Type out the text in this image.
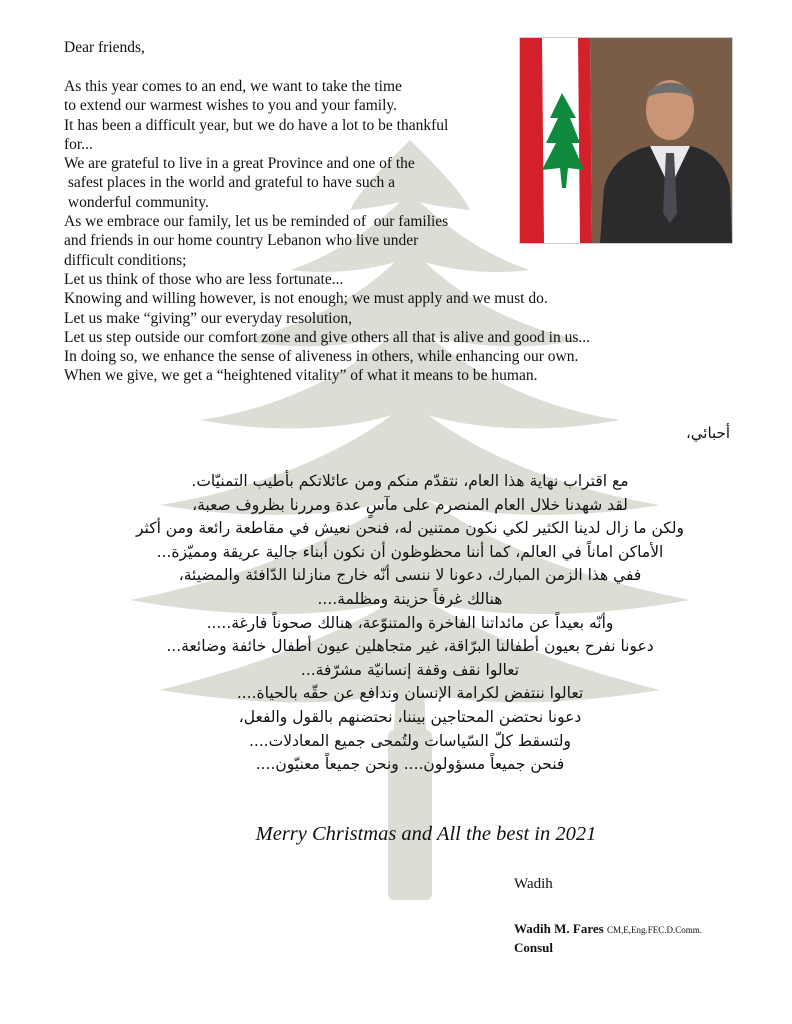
Dear friends,
As this year comes to an end, we want to take the time
to extend our warmest wishes to you and your family.
It has been a difficult year, but we do have a lot to be thankful
for...
We are grateful to live in a great Province and one of the
safest places in the world and grateful to have such a
wonderful community.
As we embrace our family, let us be reminded of  our families
and friends in our home country Lebanon who live under
difficult conditions;
Let us think of those who are less fortunate...
Knowing and willing however, is not enough; we must apply and we must do.
Let us make “giving” our everyday resolution,
Let us step outside our comfort zone and give others all that is alive and good in us...
In doing so, we enhance the sense of aliveness in others, while enhancing our own.
When we give, we get a “heightened vitality” of what it means to be human.
أحبائي،
مع اقتراب نهاية هذا العام، نتقدّم منكم ومن عائلاتكم بأطيب التمنيّات.
لقد شهدنا خلال العام المنصرم على مآسٍ عدة ومررنا بظروف صعبة،
ولكن ما زال لدينا الكثير لكي نكون ممتنين له، فنحن نعيش في مقاطعة رائعة ومن أكثر
الأماكن اماناً في العالم، كما أننا محظوظون أن نكون أبناء جالية عريقة ومميّزة...
ففي هذا الزمن المبارك، دعونا لا ننسى أنّه خارج منازلنا الدّافئة والمضيئة،
هنالك غرفاً حزينة ومظلمة....
وأنّه بعيداً عن مائداتنا الفاخرة والمتنوّعة، هنالك صحوناً فارغة.....
دعونا نفرح بعيون أطفالنا البرّاقة، غير متجاهلين عيون أطفال خائفة وضائعة...
تعالوا نقف وقفة إنسانيّة مشرّفة...
تعالوا ننتفض لكرامة الإنسان وندافع عن حقّه بالحياة....
دعونا نحتضن المحتاجين بيننا، نحتضنهم بالقول والفعل،
ولتسقط كلّ السّياسات ولتُمحى جميع المعادلات....
فنحن جميعاً مسؤولون.... ونحن جميعاً معنيّون....
Merry Christmas and All the best in 2021
Wadih
Wadih M. Fares CM,E,Eng.FEC.D.Comm.
Consul
